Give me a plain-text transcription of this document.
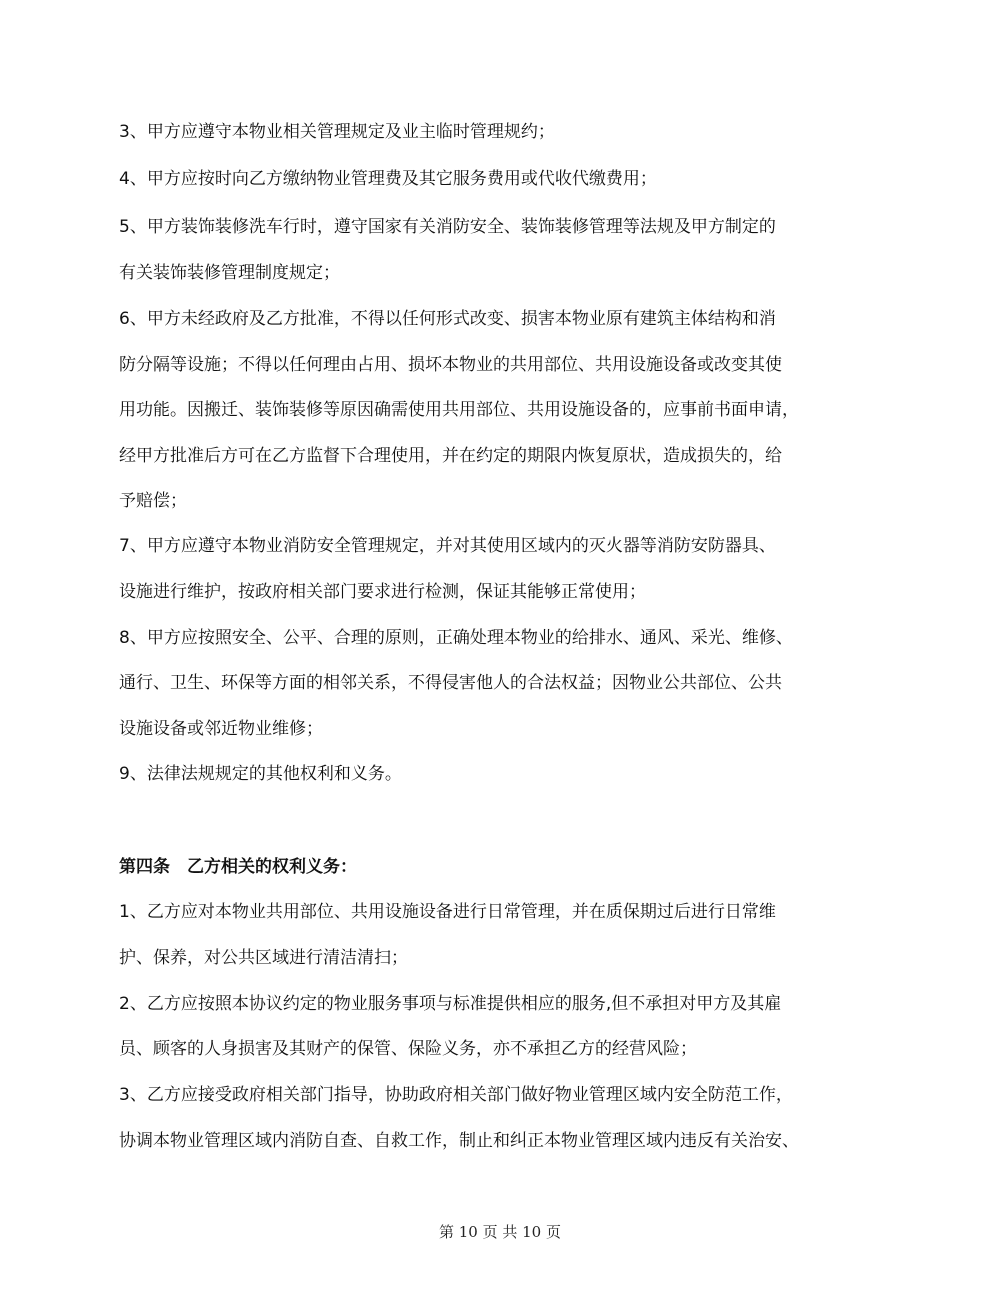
3、甲方应遵守本物业相关管理规定及业主临时管理规约；
4、甲方应按时向乙方缴纳物业管理费及其它服务费用或代收代缴费用；
5、甲方装饰装修洗车行时，遵守国家有关消防安全、装饰装修管理等法规及甲方制定的
有关装饰装修管理制度规定；
6、甲方未经政府及乙方批准，不得以任何形式改变、损害本物业原有建筑主体结构和消
防分隔等设施；不得以任何理由占用、损坏本物业的共用部位、共用设施设备或改变其使
用功能。因搬迁、装饰装修等原因确需使用共用部位、共用设施设备的，应事前书面申请，
经甲方批准后方可在乙方监督下合理使用，并在约定的期限内恢复原状，造成损失的，给
予赔偿；
7、甲方应遵守本物业消防安全管理规定，并对其使用区域内的灭火器等消防安防器具、
设施进行维护，按政府相关部门要求进行检测，保证其能够正常使用；
8、甲方应按照安全、公平、合理的原则，正确处理本物业的给排水、通风、采光、维修、
通行、卫生、环保等方面的相邻关系，不得侵害他人的合法权益；因物业公共部位、公共
设施设备或邻近物业维修；
9、法律法规规定的其他权利和义务。
第四条　乙方相关的权利义务：
1、乙方应对本物业共用部位、共用设施设备进行日常管理，并在质保期过后进行日常维
护、保养，对公共区域进行清洁清扫；
2、乙方应按照本协议约定的物业服务事项与标准提供相应的服务,但不承担对甲方及其雇
员、顾客的人身损害及其财产的保管、保险义务，亦不承担乙方的经营风险；
3、乙方应接受政府相关部门指导，协助政府相关部门做好物业管理区域内安全防范工作，
协调本物业管理区域内消防自查、自救工作，制止和纠正本物业管理区域内违反有关治安、
第 10 页 共 10 页
